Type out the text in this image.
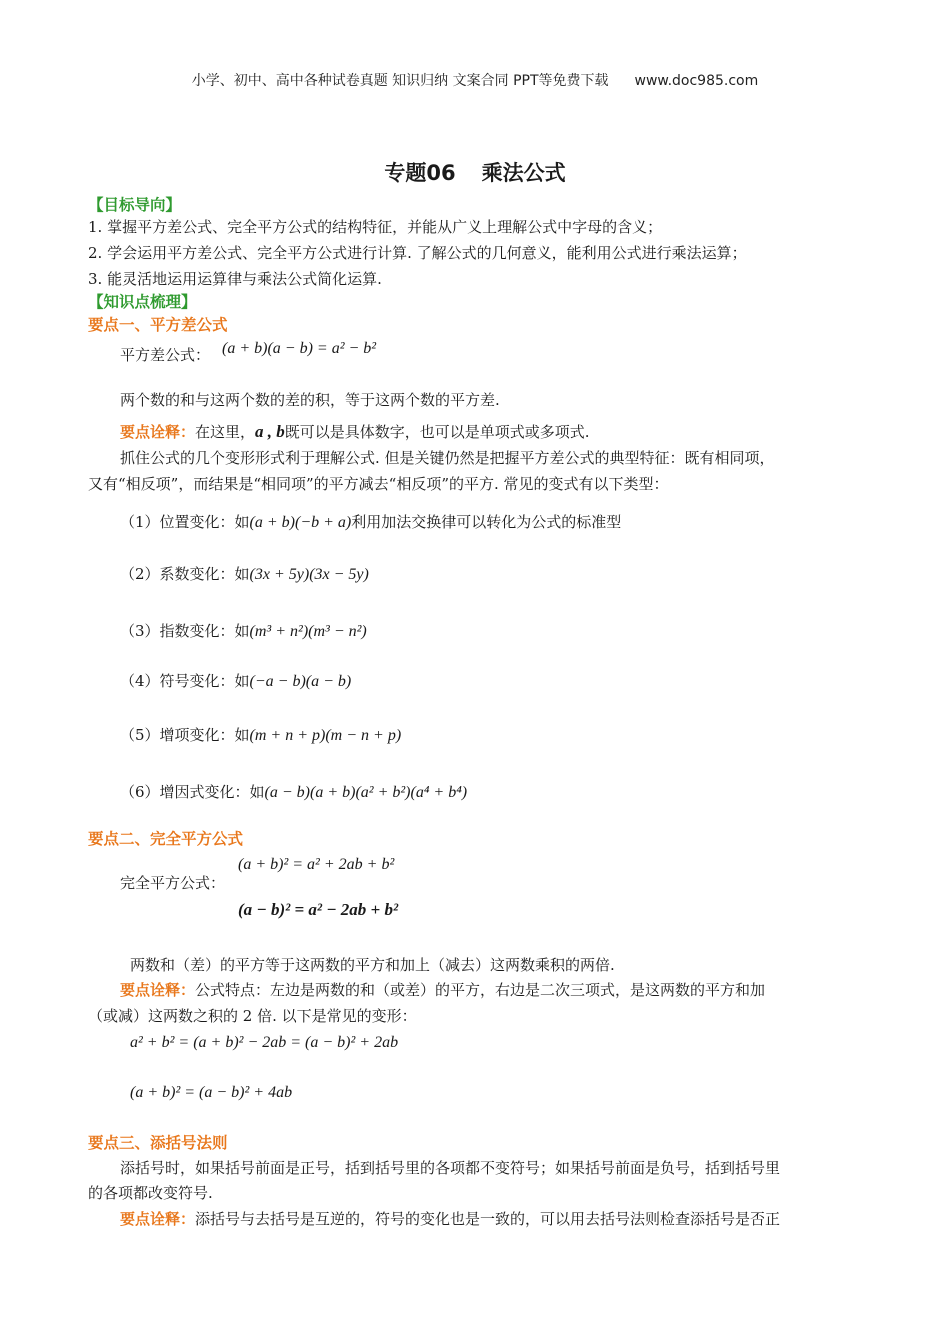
小学、初中、高中各种试卷真题 知识归纳 文案合同 PPT等免费下载 www.doc985.com
专题06 乘法公式
【目标导向】
1. 掌握平方差公式、完全平方公式的结构特征，并能从广义上理解公式中字母的含义；
2. 学会运用平方差公式、完全平方公式进行计算. 了解公式的几何意义，能利用公式进行乘法运算；
3. 能灵活地运用运算律与乘法公式简化运算.
【知识点梳理】
要点一、平方差公式
平方差公式： (a + b)(a − b) = a² − b²
两个数的和与这两个数的差的积，等于这两个数的平方差.
要点诠释：在这里，a , b既可以是具体数字，也可以是单项式或多项式.
抓住公式的几个变形形式利于理解公式. 但是关键仍然是把握平方差公式的典型特征：既有相同项，
又有“相反项”，而结果是“相同项”的平方减去“相反项”的平方. 常见的变式有以下类型：
（1）位置变化：如(a + b)(−b + a)利用加法交换律可以转化为公式的标准型
（2）系数变化：如(3x + 5y)(3x − 5y)
（3）指数变化：如(m³ + n²)(m³ − n²)
（4）符号变化：如(−a − b)(a − b)
（5）增项变化：如(m + n + p)(m − n + p)
（6）增因式变化：如(a − b)(a + b)(a² + b²)(a⁴ + b⁴)
要点二、完全平方公式
(a + b)² = a² + 2ab + b²
完全平方公式：
(a − b)² = a² − 2ab + b²
两数和（差）的平方等于这两数的平方和加上（减去）这两数乘积的两倍.
要点诠释：公式特点：左边是两数的和（或差）的平方，右边是二次三项式，是这两数的平方和加
（或减）这两数之积的 2 倍. 以下是常见的变形：
a² + b² = (a + b)² − 2ab = (a − b)² + 2ab
(a + b)² = (a − b)² + 4ab
要点三、添括号法则
添括号时，如果括号前面是正号，括到括号里的各项都不变符号；如果括号前面是负号，括到括号里
的各项都改变符号.
要点诠释：添括号与去括号是互逆的，符号的变化也是一致的，可以用去括号法则检查添括号是否正
